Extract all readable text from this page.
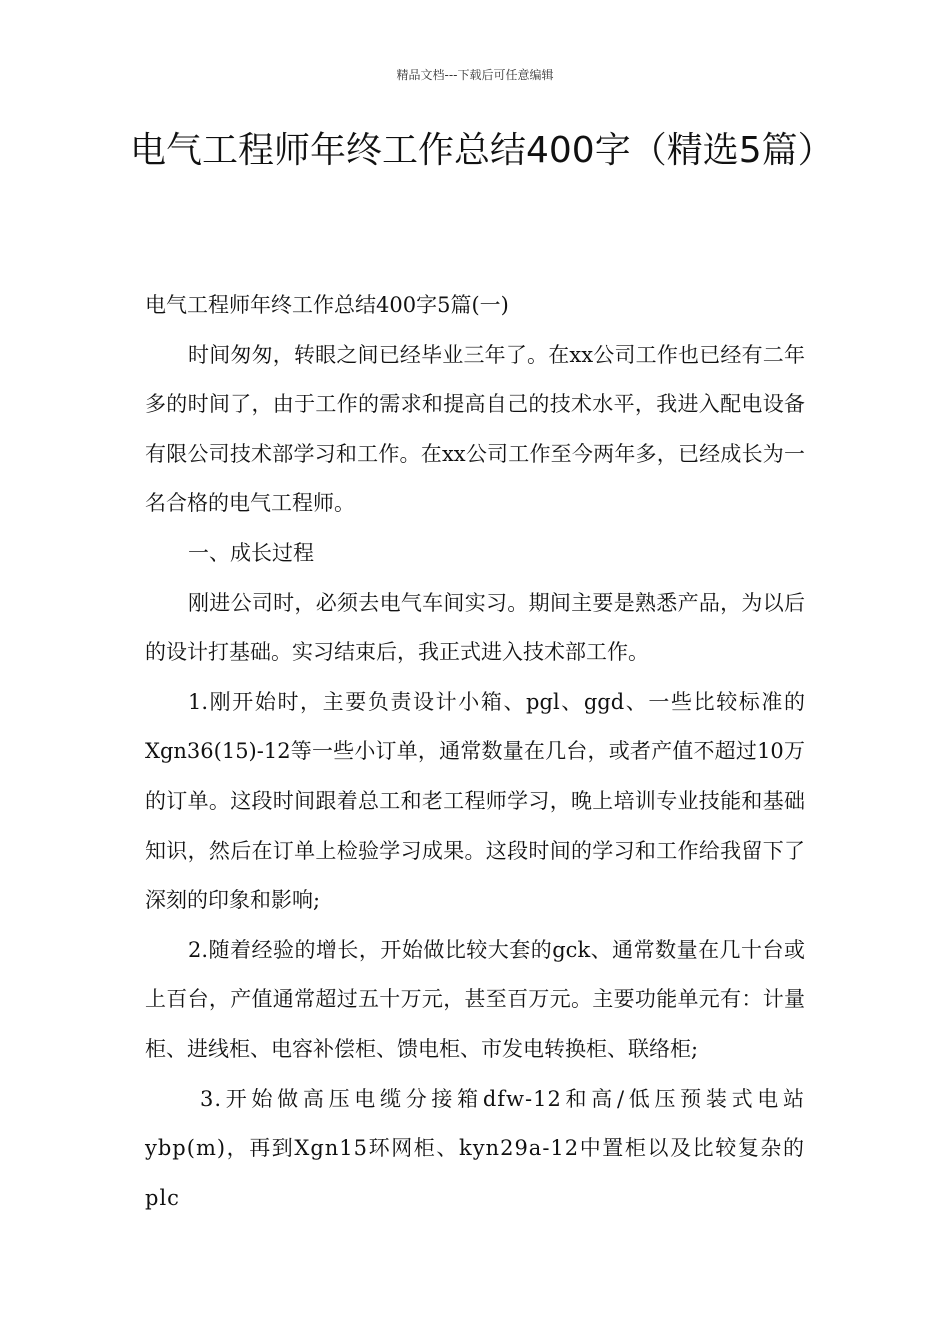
精品文档---下载后可任意编辑
电气工程师年终工作总结400字（精选5篇）

电气工程师年终工作总结400字5篇(一)

时间匆匆，转眼之间已经毕业三年了。在xx公司工作也已经有二年多的时间了，由于工作的需求和提高自己的技术水平，我进入配电设备有限公司技术部学习和工作。在xx公司工作至今两年多，已经成长为一名合格的电气工程师。

一、成长过程

刚进公司时，必须去电气车间实习。期间主要是熟悉产品，为以后的设计打基础。实习结束后，我正式进入技术部工作。

1.刚开始时，主要负责设计小箱、pgl、ggd、一些比较标准的Xgn36(15)-12等一些小订单，通常数量在几台，或者产值不超过10万的订单。这段时间跟着总工和老工程师学习，晚上培训专业技能和基础知识，然后在订单上检验学习成果。这段时间的学习和工作给我留下了深刻的印象和影响;

2.随着经验的增长，开始做比较大套的gck、通常数量在几十台或上百台，产值通常超过五十万元，甚至百万元。主要功能单元有：计量柜、进线柜、电容补偿柜、馈电柜、市发电转换柜、联络柜;

3.开始做高压电缆分接箱dfw-12和高/低压预装式电站ybp(m)，再到Xgn15环网柜、kyn29a-12中置柜以及比较复杂的plc
